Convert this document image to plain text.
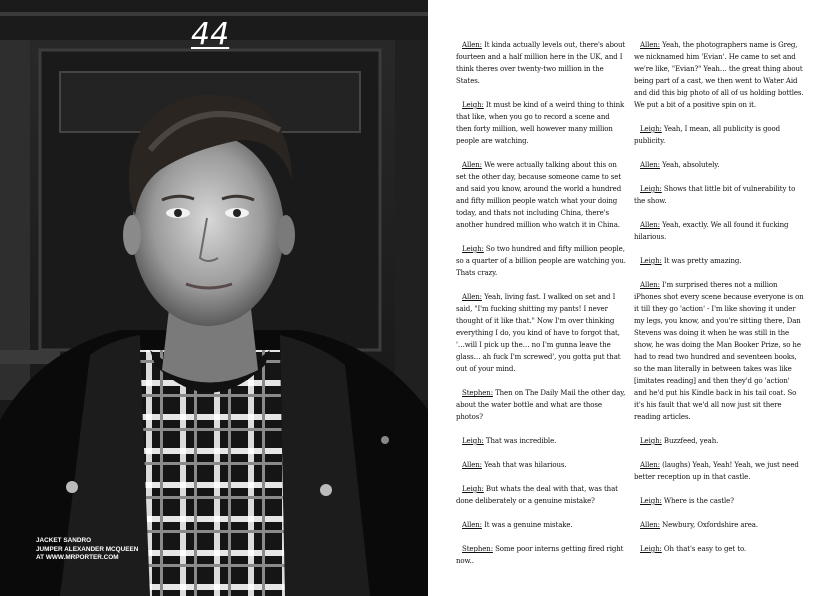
44
JACKET SANDRO
JUMPER ALEXANDER MCQUEEN
AT WWW.MRPORTER.COM

Allen: It kinda actually levels out, there's about fourteen and a half million here in the UK, and I think theres over twenty-two million in the States.

Leigh: It must be kind of a weird thing to think that like, when you go to record a scene and then forty million, well however many million people are watching.

Allen: We were actually talking about this on set the other day, because someone came to set and said you know, around the world a hundred and fifty million people watch what your doing today, and thats not including China, there's another hundred million who watch it in China.

Leigh: So two hundred and fifty million people, so a quarter of a billion people are watching you. Thats crazy.

Allen: Yeah, living fast. I walked on set and I said, "I'm fucking shitting my pants! I never thought of it like that." Now I'm over thinking everything I do, you kind of have to forgot that, '…will I pick up the… no I'm gunna leave the glass… ah fuck I'm screwed', you gotta put that out of your mind.

Stephen: Then on The Daily Mail the other day, about the water bottle and what are those photos?

Leigh: That was incredible.

Allen: Yeah that was hilarious.

Leigh: But whats the deal with that, was that done deliberately or a genuine mistake?

Allen: It was a genuine mistake.

Stephen: Some poor interns getting fired right now..

Allen: Yeah, the photographers name is Greg, we nicknamed him 'Evian'. He came to set and we're like, "Evian?" Yeah… the great thing about being part of a cast, we then went to Water Aid and did this big photo of all of us holding bottles. We put a bit of a positive spin on it.

Leigh: Yeah, I mean, all publicity is good publicity.

Allen: Yeah, absolutely.

Leigh: Shows that little bit of vulnerability to the show.

Allen: Yeah, exactly. We all found it fucking hilarious.

Leigh: It was pretty amazing.

Allen: I'm surprised theres not a million iPhones shot every scene because everyone is on it till they go 'action' - I'm like shoving it under my legs, you know, and you're sitting there, Dan Stevens was doing it when he was still in the show, he was doing the Man Booker Prize, so he had to read two hundred and seventeen books, so the man literally in between takes was like [imitates reading] and then they'd go 'action' and he'd put his Kindle back in his tail coat. So it's his fault that we'd all now just sit there reading articles.

Leigh: Buzzfeed, yeah.

Allen: (laughs) Yeah, Yeah! Yeah, we just need better reception up in that castle.

Leigh: Where is the castle?

Allen: Newbury, Oxfordshire area.

Leigh: Oh that's easy to get to.
